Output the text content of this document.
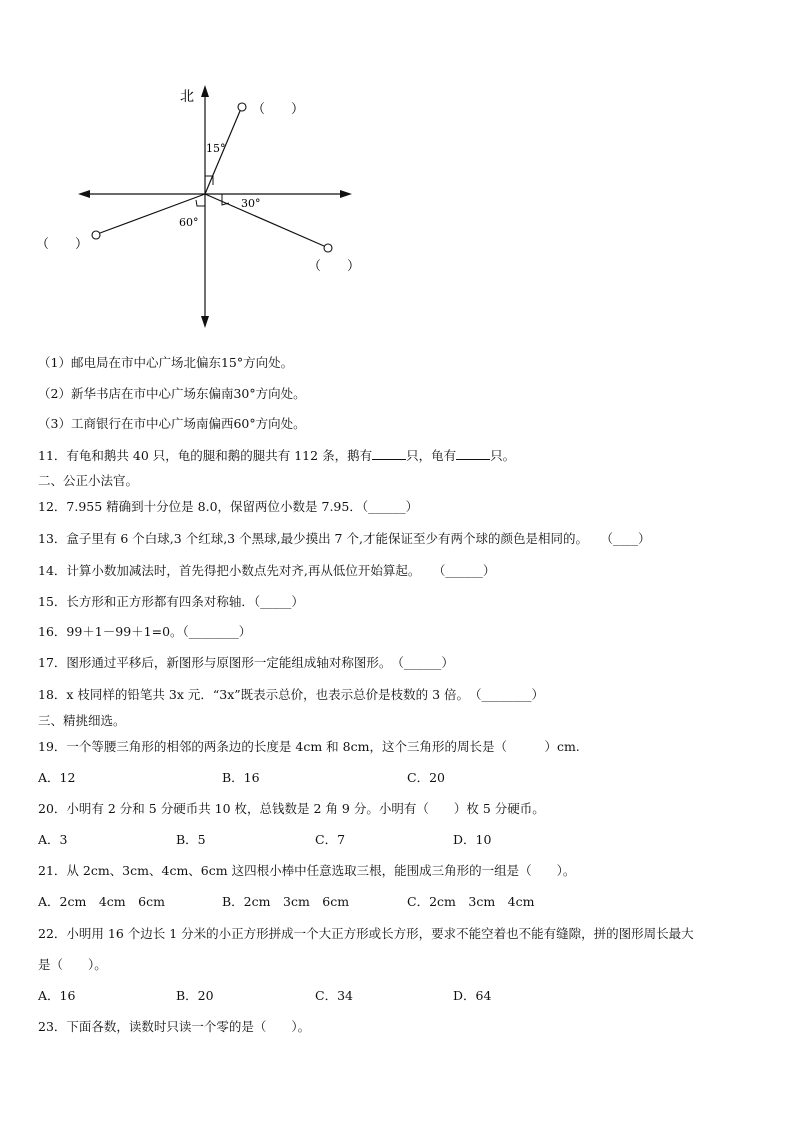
北
15°
30°
60°
（　　）
（　　）
（　　）
（1）邮电局在市中心广场北偏东15°方向处。
（2）新华书店在市中心广场东偏南30°方向处。
（3）工商银行在市中心广场南偏西60°方向处。
11．有龟和鹅共 40 只，龟的腿和鹅的腿共有 112 条，鹅有	只，龟有	只。
二、公正小法官。
12．7.955 精确到十分位是 8.0，保留两位小数是 7.95．（______）
13．盒子里有 6 个白球,3 个红球,3 个黑球,最少摸出 7 个,才能保证至少有两个球的颜色是相同的。　　（____）
14．计算小数加减法时，首先得把小数点先对齐,再从低位开始算起。　　（______）
15．长方形和正方形都有四条对称轴．（_____）
16．99＋1－99＋1=0。（________）
17．图形通过平移后，新图形与原图形一定能组成轴对称图形。　（______）
18．x 枝同样的铅笔共 3x 元．“3x”既表示总价，也表示总价是枝数的 3 倍。　（________）
三、精挑细选。
19．一个等腰三角形的相邻的两条边的长度是 4cm 和 8cm，这个三角形的周长是（　　　）cm.
A．12	B．16	C．20
20．小明有 2 分和 5 分硬币共 10 枚，总钱数是 2 角 9 分。小明有（　　）枚 5 分硬币。
A．3	B．5	C．7	D．10
21．从 2cm、3cm、4cm、6cm 这四根小棒中任意选取三根，能围成三角形的一组是（　　）。
A．2cm　4cm　6cm	B．2cm　3cm　6cm	C．2cm　3cm　4cm
22．小明用 16 个边长 1 分米的小正方形拼成一个大正方形或长方形，要求不能空着也不能有缝隙，拼的图形周长最大
是（　　）。
A．16	B．20	C．34	D．64
23．下面各数，读数时只读一个零的是（　　）。
